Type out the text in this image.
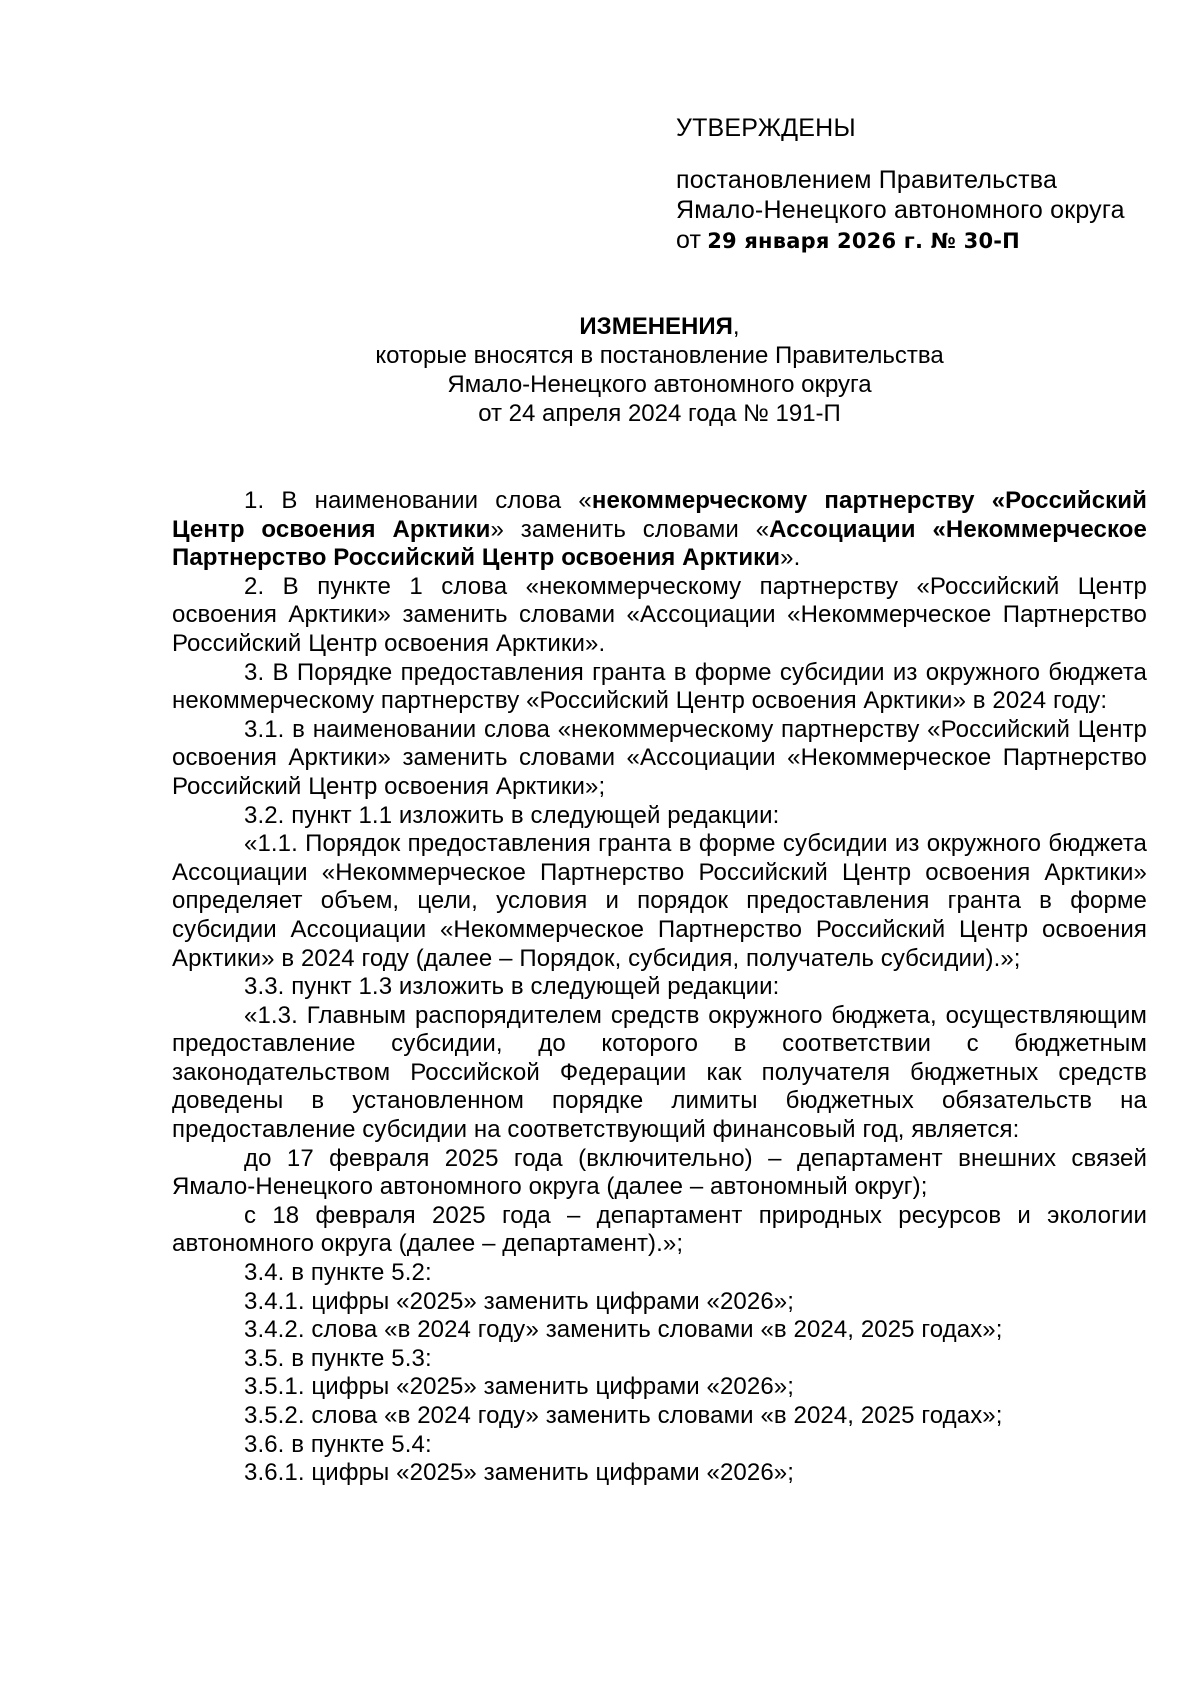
УТВЕРЖДЕНЫ
постановлением Правительства
Ямало-Ненецкого автономного округа
от 29 января 2026 г. № 30-П
ИЗМЕНЕНИЯ,
которые вносятся в постановление Правительства
Ямало-Ненецкого автономного округа
от 24 апреля 2024 года № 191-П

1. В наименовании слова «некоммерческому партнерству «Российский Центр освоения Арктики» заменить словами «Ассоциации «Некоммерческое Партнерство Российский Центр освоения Арктики».

2. В пункте 1 слова «некоммерческому партнерству «Российский Центр освоения Арктики» заменить словами «Ассоциации «Некоммерческое Партнерство Российский Центр освоения Арктики».

3. В Порядке предоставления гранта в форме субсидии из окружного бюджета некоммерческому партнерству «Российский Центр освоения Арктики» в 2024 году:

3.1. в наименовании слова «некоммерческому партнерству «Российский Центр освоения Арктики» заменить словами «Ассоциации «Некоммерческое Партнерство Российский Центр освоения Арктики»;

3.2. пункт 1.1 изложить в следующей редакции:

«1.1. Порядок предоставления гранта в форме субсидии из окружного бюджета Ассоциации «Некоммерческое Партнерство Российский Центр освоения Арктики» определяет объем, цели, условия и порядок предоставления гранта в форме субсидии Ассоциации «Некоммерческое Партнерство Российский Центр освоения Арктики» в 2024 году (далее – Порядок, субсидия, получатель субсидии).»;

3.3. пункт 1.3 изложить в следующей редакции:

«1.3. Главным распорядителем средств окружного бюджета, осуществляющим предоставление субсидии, до которого в соответствии с бюджетным законодательством Российской Федерации как получателя бюджетных средств доведены в установленном порядке лимиты бюджетных обязательств на предоставление субсидии на соответствующий финансовый год, является:

до 17 февраля 2025 года (включительно) – департамент внешних связей Ямало-Ненецкого автономного округа (далее – автономный округ);

с 18 февраля 2025 года – департамент природных ресурсов и экологии автономного округа (далее – департамент).»;

3.4. в пункте 5.2:

3.4.1. цифры «2025» заменить цифрами «2026»;

3.4.2. слова «в 2024 году» заменить словами «в 2024, 2025 годах»;

3.5. в пункте 5.3:

3.5.1. цифры «2025» заменить цифрами «2026»;

3.5.2. слова «в 2024 году» заменить словами «в 2024, 2025 годах»;

3.6. в пункте 5.4:

3.6.1. цифры «2025» заменить цифрами «2026»;
